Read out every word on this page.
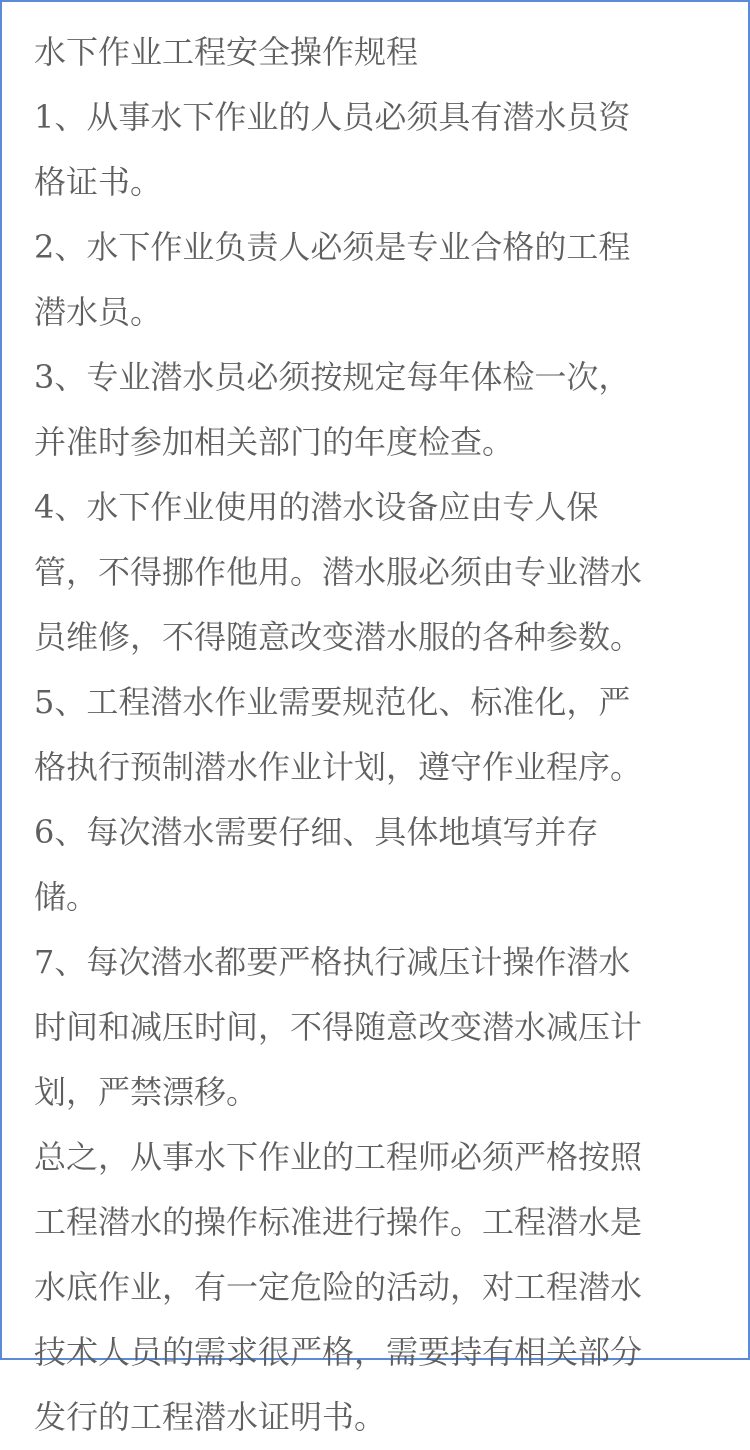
水下作业工程安全操作规程
1、从事水下作业的人员必须具有潜水员资
格证书。
2、水下作业负责人必须是专业合格的工程
潜水员。
3、专业潜水员必须按规定每年体检一次，
并准时参加相关部门的年度检查。
4、水下作业使用的潜水设备应由专人保
管，不得挪作他用。潜水服必须由专业潜水
员维修，不得随意改变潜水服的各种参数。
5、工程潜水作业需要规范化、标准化，严
格执行预制潜水作业计划，遵守作业程序。
6、每次潜水需要仔细、具体地填写并存
储。
7、每次潜水都要严格执行减压计操作潜水
时间和减压时间，不得随意改变潜水减压计
划，严禁漂移。
总之，从事水下作业的工程师必须严格按照
工程潜水的操作标准进行操作。工程潜水是
水底作业，有一定危险的活动，对工程潜水
技术人员的需求很严格，需要持有相关部分
发行的工程潜水证明书。
